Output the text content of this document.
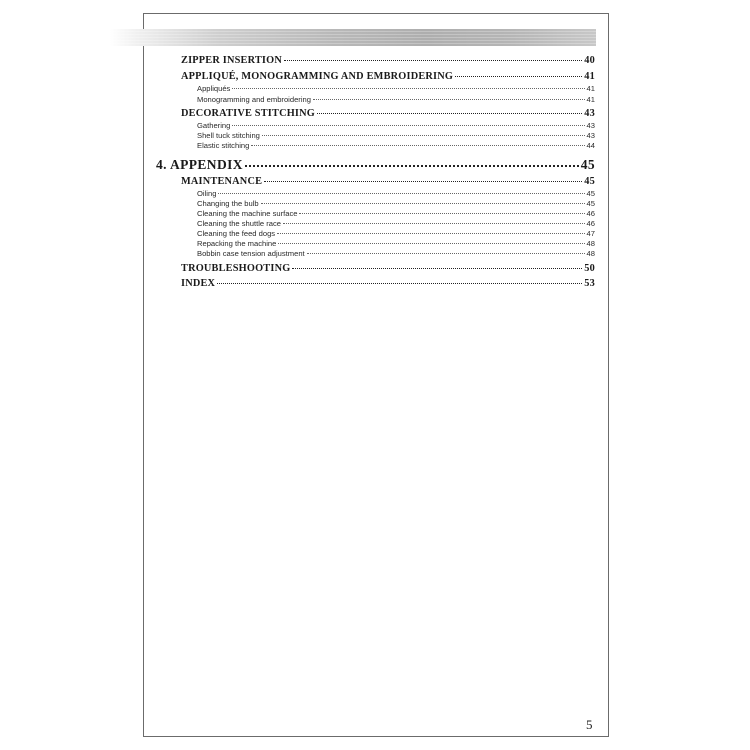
ZIPPER INSERTION	40
APPLIQUÉ, MONOGRAMMING AND EMBROIDERING	41
Appliqués	41
Monogramming and embroidering	41
DECORATIVE STITCHING	43
Gathering	43
Shell tuck stitching	43
Elastic stitching	44
4. APPENDIX	45
MAINTENANCE	45
Oiling	45
Changing the bulb	45
Cleaning the machine surface	46
Cleaning the shuttle race	46
Cleaning the feed dogs	47
Repacking the machine	48
Bobbin case tension adjustment	48
TROUBLESHOOTING	50
INDEX	53
5
